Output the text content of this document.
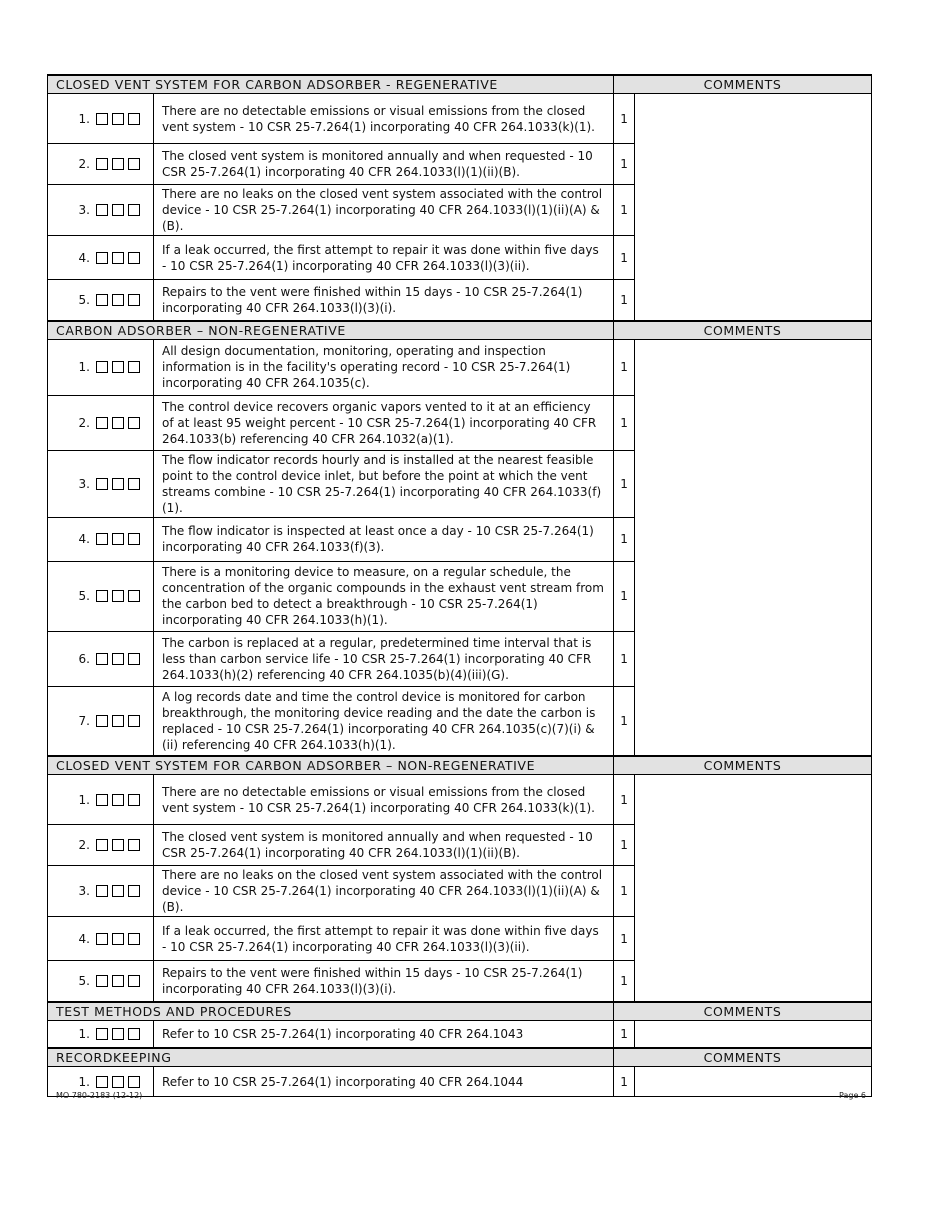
CLOSED VENT SYSTEM FOR CARBON ADSORBER - REGENERATIVE		COMMENTS	

1.	There are no detectable emissions or visual emissions from the closed vent system - 10 CSR 25-7.264(1) incorporating 40 CFR 264.1033(k)(1).	1	

2.	The closed vent system is monitored annually and when requested - 10 CSR 25-7.264(1) incorporating 40 CFR 264.1033(l)(1)(ii)(B).	1	

3.	There are no leaks on the closed vent system associated with the control device - 10 CSR 25-7.264(1) incorporating 40 CFR 264.1033(l)(1)(ii)(A) & (B).	1	

4.	If a leak occurred, the first attempt to repair it was done within five days - 10 CSR 25-7.264(1) incorporating 40 CFR 264.1033(l)(3)(ii).	1	

5.	Repairs to the vent were finished within 15 days - 10 CSR 25-7.264(1) incorporating 40 CFR 264.1033(l)(3)(i).	1	
CARBON ADSORBER – NON-REGENERATIVE		COMMENTS	

1.	All design documentation, monitoring, operating and inspection information is in the facility's operating record - 10 CSR 25-7.264(1) incorporating 40 CFR 264.1035(c).	1	

2.	The control device recovers organic vapors vented to it at an efficiency of at least 95 weight percent - 10 CSR 25-7.264(1) incorporating 40 CFR 264.1033(b) referencing 40 CFR 264.1032(a)(1).	1	

3.	The flow indicator records hourly and is installed at the nearest feasible point to the control device inlet, but before the point at which the vent streams combine - 10 CSR 25-7.264(1) incorporating 40 CFR 264.1033(f)(1).	1	

4.	The flow indicator is inspected at least once a day - 10 CSR 25-7.264(1) incorporating 40 CFR 264.1033(f)(3).	1	

5.	There is a monitoring device to measure, on a regular schedule, the concentration of the organic compounds in the exhaust vent stream from the carbon bed to detect a breakthrough - 10 CSR 25-7.264(1) incorporating 40 CFR 264.1033(h)(1).	1	

6.	The carbon is replaced at a regular, predetermined time interval that is less than carbon service life - 10 CSR 25-7.264(1) incorporating 40 CFR 264.1033(h)(2) referencing 40 CFR 264.1035(b)(4)(iii)(G).	1	

7.	A log records date and time the control device is monitored for carbon breakthrough, the monitoring device reading and the date the carbon is replaced - 10 CSR 25-7.264(1) incorporating 40 CFR 264.1035(c)(7)(i) & (ii) referencing 40 CFR 264.1033(h)(1).	1	
CLOSED VENT SYSTEM FOR CARBON ADSORBER – NON-REGENERATIVE		COMMENTS	

1.	There are no detectable emissions or visual emissions from the closed vent system - 10 CSR 25-7.264(1) incorporating 40 CFR 264.1033(k)(1).	1	

2.	The closed vent system is monitored annually and when requested - 10 CSR 25-7.264(1) incorporating 40 CFR 264.1033(l)(1)(ii)(B).	1	

3.	There are no leaks on the closed vent system associated with the control device - 10 CSR 25-7.264(1) incorporating 40 CFR 264.1033(l)(1)(ii)(A) & (B).	1	

4.	If a leak occurred, the first attempt to repair it was done within five days - 10 CSR 25-7.264(1) incorporating 40 CFR 264.1033(l)(3)(ii).	1	

5.	Repairs to the vent were finished within 15 days - 10 CSR 25-7.264(1) incorporating 40 CFR 264.1033(l)(3)(i).	1	
TEST METHODS AND PROCEDURES		COMMENTS	

1.	Refer to 10 CSR 25-7.264(1) incorporating 40 CFR 264.1043	1	
RECORDKEEPING		COMMENTS	

1.	Refer to 10 CSR 25-7.264(1) incorporating 40 CFR 264.1044	1	
MO 780-2183 (12-12)	Page 6
